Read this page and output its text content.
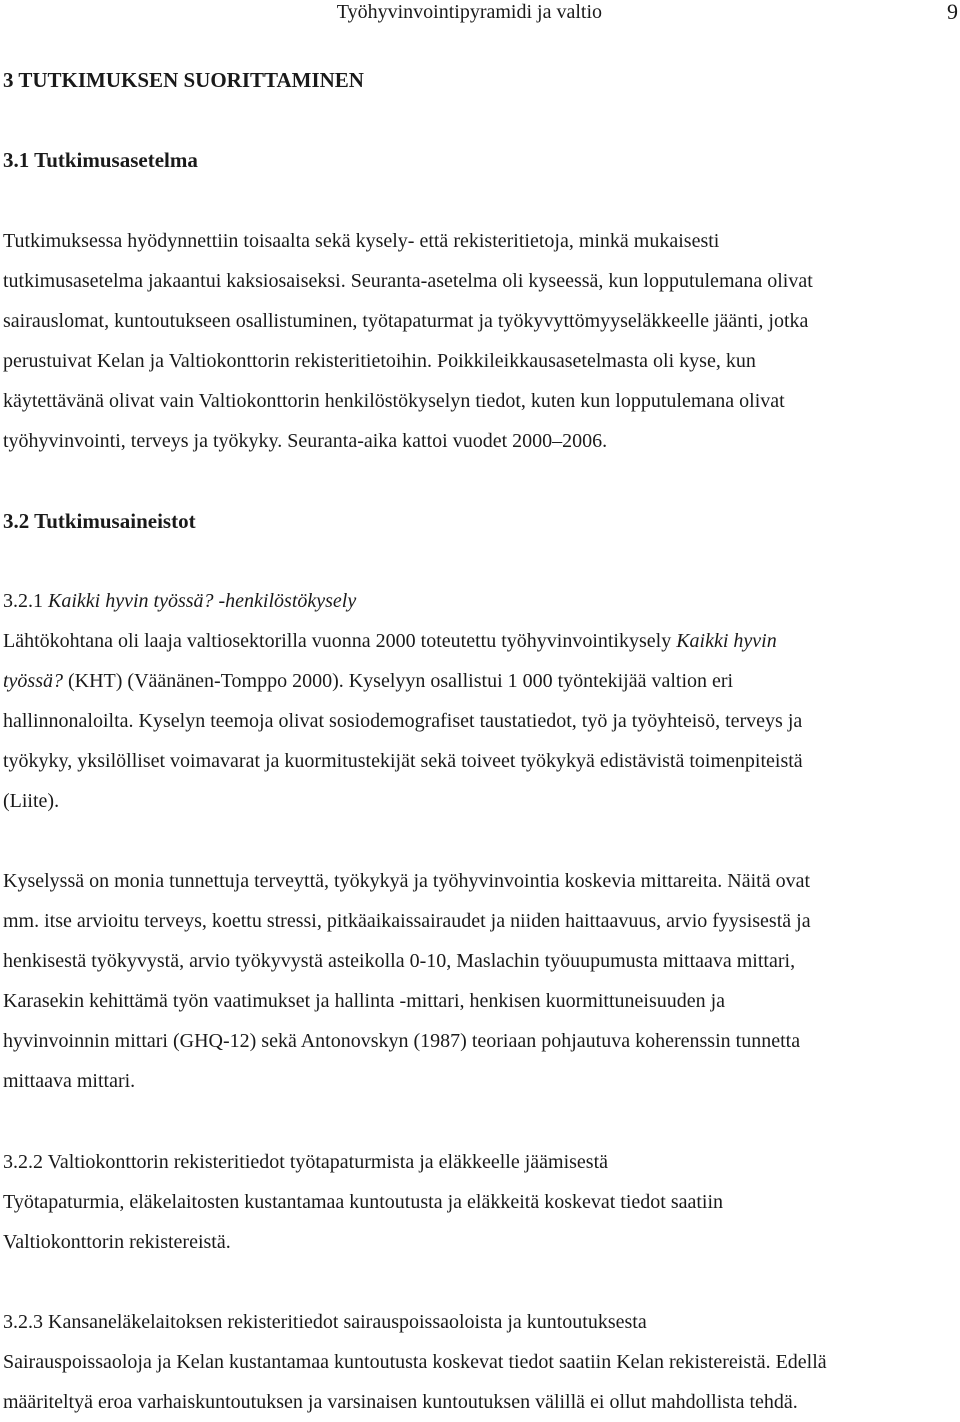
Työhyvinvointipyramidi ja valtio	9
3 TUTKIMUKSEN SUORITTAMINEN
3.1 Tutkimusasetelma
Tutkimuksessa hyödynnettiin toisaalta sekä kysely- että rekisteritietoja, minkä mukaisesti
tutkimusasetelma jakaantui kaksiosaiseksi. Seuranta-asetelma oli kyseessä, kun lopputulemana olivat
sairauslomat, kuntoutukseen osallistuminen, työtapaturmat ja työkyvyttömyyseläkkeelle jäänti, jotka
perustuivat Kelan ja Valtiokonttorin rekisteritietoihin. Poikkileikkausasetelmasta oli kyse, kun
käytettävänä olivat vain Valtiokonttorin henkilöstökyselyn tiedot, kuten kun lopputulemana olivat
työhyvinvointi, terveys ja työkyky. Seuranta-aika kattoi vuodet 2000–2006.
3.2 Tutkimusaineistot
3.2.1 Kaikki hyvin työssä? -henkilöstökysely
Lähtökohtana oli laaja valtiosektorilla vuonna 2000 toteutettu työhyvinvointikysely Kaikki hyvin
työssä? (KHT) (Väänänen-Tomppo 2000). Kyselyyn osallistui 1 000 työntekijää valtion eri
hallinnonaloilta. Kyselyn teemoja olivat sosiodemografiset taustatiedot, työ ja työyhteisö, terveys ja
työkyky, yksilölliset voimavarat ja kuormitustekijät sekä toiveet työkykyä edistävistä toimenpiteistä
(Liite).
Kyselyssä on monia tunnettuja terveyttä, työkykyä ja työhyvinvointia koskevia mittareita. Näitä ovat
mm. itse arvioitu terveys, koettu stressi, pitkäaikaissairaudet ja niiden haittaavuus, arvio fyysisestä ja
henkisestä työkyvystä, arvio työkyvystä asteikolla 0-10, Maslachin työuupumusta mittaava mittari,
Karasekin kehittämä työn vaatimukset ja hallinta -mittari, henkisen kuormittuneisuuden ja
hyvinvoinnin mittari (GHQ-12) sekä Antonovskyn (1987) teoriaan pohjautuva koherenssin tunnetta
mittaava mittari.
3.2.2 Valtiokonttorin rekisteritiedot työtapaturmista ja eläkkeelle jäämisestä
Työtapaturmia, eläkelaitosten kustantamaa kuntoutusta ja eläkkeitä koskevat tiedot saatiin
Valtiokonttorin rekistereistä.
3.2.3 Kansaneläkelaitoksen rekisteritiedot sairauspoissaoloista ja kuntoutuksesta
Sairauspoissaoloja ja Kelan kustantamaa kuntoutusta koskevat tiedot saatiin Kelan rekistereistä. Edellä
määriteltyä eroa varhaiskuntoutuksen ja varsinaisen kuntoutuksen välillä ei ollut mahdollista tehdä.
